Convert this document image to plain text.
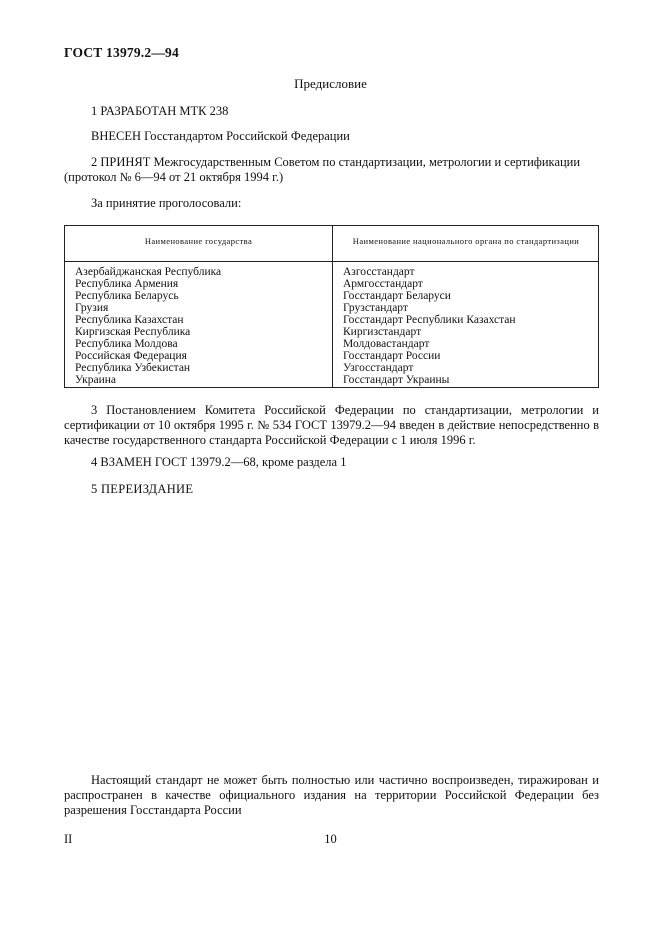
ГОСТ 13979.2—94
Предисловие

1 РАЗРАБОТАН МТК 238

ВНЕСЕН Госстандартом Российской Федерации

2 ПРИНЯТ Межгосударственным Советом по стандартизации, метрологии и сертификации (протокол № 6—94 от 21 октября 1994 г.)

За принятие проголосовали:

Наименование государства	Наименование национального органа по стандартизации
Азербайджанская Республика
Республика Армения
Республика Беларусь
Грузия
Республика Казахстан
Киргизская Республика
Республика Молдова
Российская Федерация
Республика Узбекистан
Украина
Азгосстандарт
Армгосстандарт
Госстандарт Беларуси
Грузстандарт
Госстандарт Республики Казахстан
Киргизстандарт
Молдовастандарт
Госстандарт России
Узгосстандарт
Госстандарт Украины

3 Постановлением Комитета Российской Федерации по стандартизации, метрологии и сертификации от 10 октября 1995 г. № 534 ГОСТ 13979.2—94 введен в действие непосредственно в качестве государственного стандарта Российской Федерации с 1 июля 1996 г.

4 ВЗАМЕН ГОСТ 13979.2—68, кроме раздела 1

5 ПЕРЕИЗДАНИЕ

Настоящий стандарт не может быть полностью или частично воспроизведен, тиражирован и распространен в качестве официального издания на территории Российской Федерации без разрешения Госстандарта России

II	10
